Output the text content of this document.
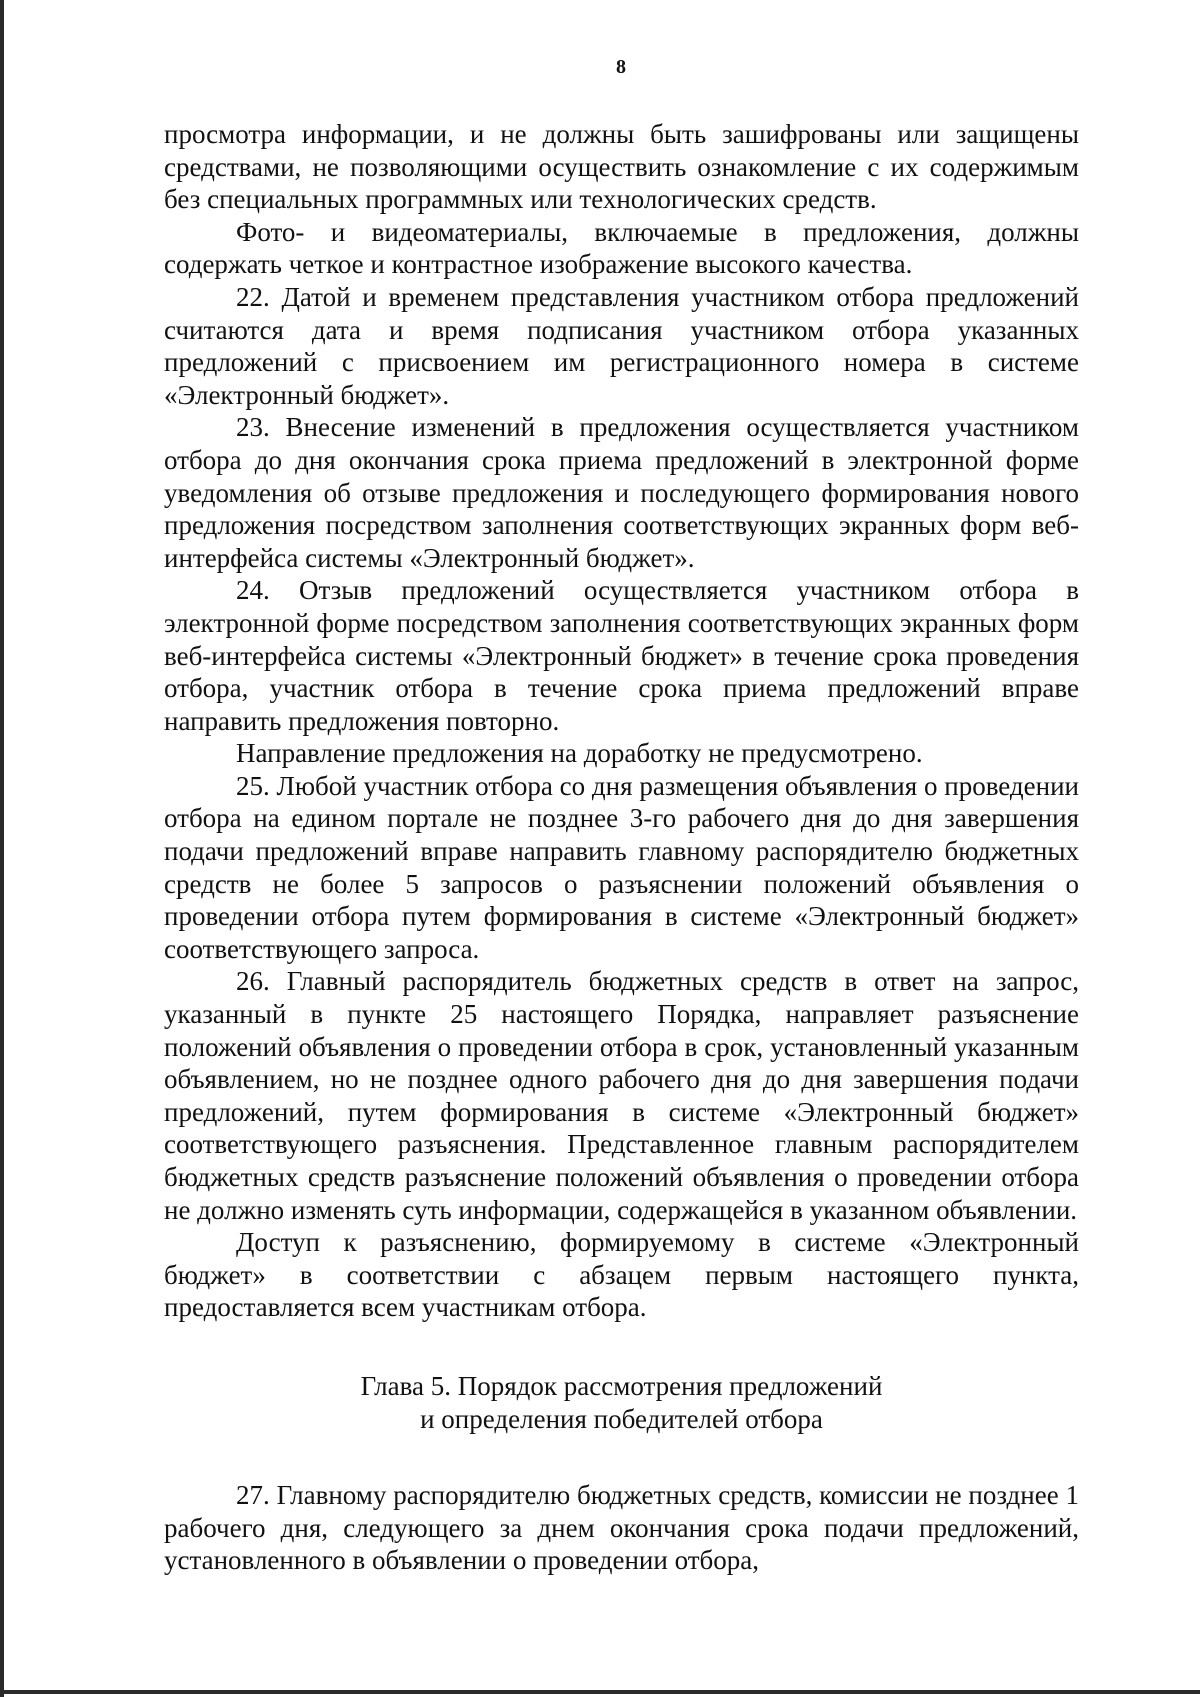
8

просмотра информации, и не должны быть зашифрованы или защищены средствами, не позволяющими осуществить ознакомление с их содержимым без специальных программных или технологических средств.

Фото- и видеоматериалы, включаемые в предложения, должны содержать четкое и контрастное изображение высокого качества.

22. Датой и временем представления участником отбора предложений считаются дата и время подписания участником отбора указанных предложений с присвоением им регистрационного номера в системе «Электронный бюджет».

23. Внесение изменений в предложения осуществляется участником отбора до дня окончания срока приема предложений в электронной форме уведомления об отзыве предложения и последующего формирования нового предложения посредством заполнения соответствующих экранных форм веб-интерфейса системы «Электронный бюджет».

24. Отзыв предложений осуществляется участником отбора в электронной форме посредством заполнения соответствующих экранных форм веб-интерфейса системы «Электронный бюджет» в течение срока проведения отбора, участник отбора в течение срока приема предложений вправе направить предложения повторно.

Направление предложения на доработку не предусмотрено.

25. Любой участник отбора со дня размещения объявления о проведении отбора на едином портале не позднее 3-го рабочего дня до дня завершения подачи предложений вправе направить главному распорядителю бюджетных средств не более 5 запросов о разъяснении положений объявления о проведении отбора путем формирования в системе «Электронный бюджет» соответствующего запроса.

26. Главный распорядитель бюджетных средств в ответ на запрос, указанный в пункте 25 настоящего Порядка, направляет разъяснение положений объявления о проведении отбора в срок, установленный указанным объявлением, но не позднее одного рабочего дня до дня завершения подачи предложений, путем формирования в системе «Электронный бюджет» соответствующего разъяснения. Представленное главным распорядителем бюджетных средств разъяснение положений объявления о проведении отбора не должно изменять суть информации, содержащейся в указанном объявлении.

Доступ к разъяснению, формируемому в системе «Электронный бюджет» в соответствии с абзацем первым настоящего пункта, предоставляется всем участникам отбора.

Глава 5. Порядок рассмотрения предложений
и определения победителей отбора

27. Главному распорядителю бюджетных средств, комиссии не позднее 1 рабочего дня, следующего за днем окончания срока подачи предложений, установленного в объявлении о проведении отбора,
